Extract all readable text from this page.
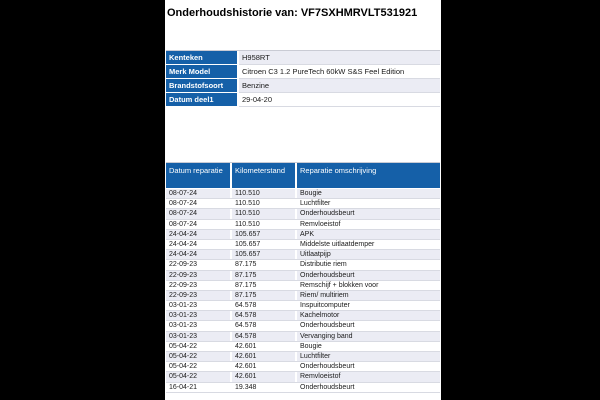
Onderhoudshistorie van: VF7SXHMRVLT531921
Kenteken	H958RT
Merk Model	Citroen C3 1.2 PureTech 60kW S&S Feel Edition
Brandstofsoort	Benzine
Datum deel1	29-04-20
Datum reparatie	Kilometerstand	Reparatie omschrijving
08-07-24	110.510	Bougie
08-07-24	110.510	Luchtfilter
08-07-24	110.510	Onderhoudsbeurt
08-07-24	110.510	Remvloeistof
24-04-24	105.657	APK
24-04-24	105.657	Middelste uitlaatdemper
24-04-24	105.657	Uitlaatpijp
22-09-23	87.175	Distributie riem
22-09-23	87.175	Onderhoudsbeurt
22-09-23	87.175	Remschijf + blokken voor
22-09-23	87.175	Riem/ multiriem
03-01-23	64.578	Inspuitcomputer
03-01-23	64.578	Kachelmotor
03-01-23	64.578	Onderhoudsbeurt
03-01-23	64.578	Vervanging band
05-04-22	42.601	Bougie
05-04-22	42.601	Luchtfilter
05-04-22	42.601	Onderhoudsbeurt
05-04-22	42.601	Remvloeistof
16-04-21	19.348	Onderhoudsbeurt
